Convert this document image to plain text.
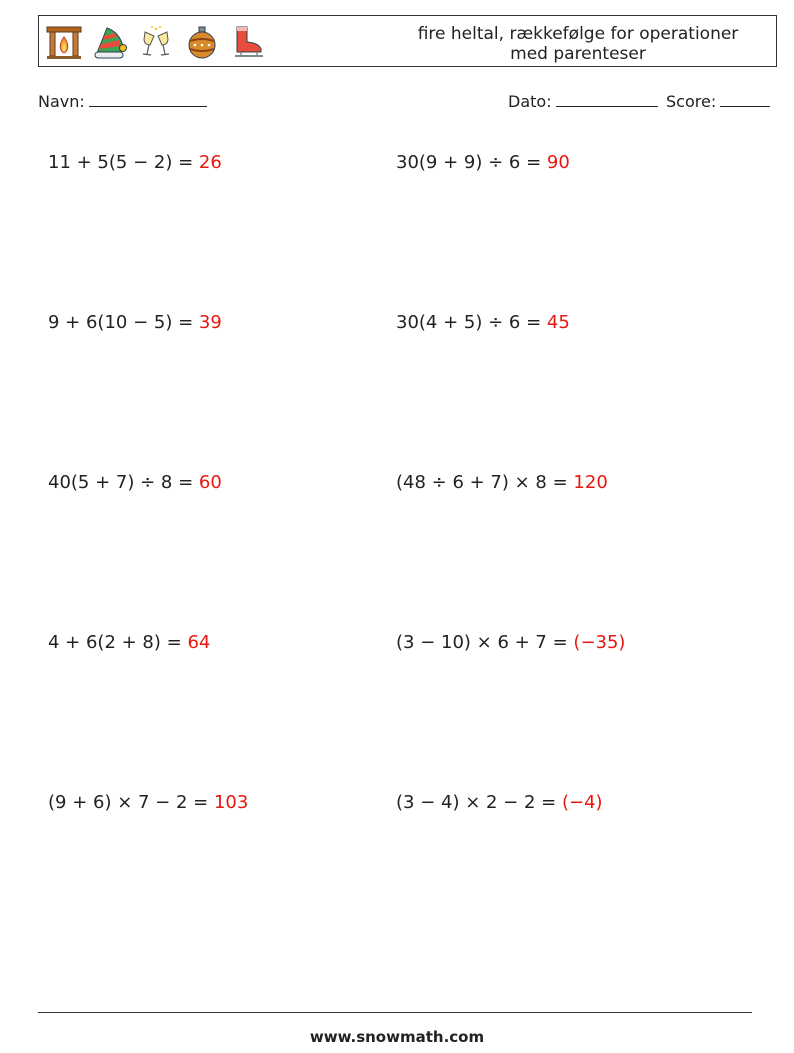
fire heltal, rækkefølge for operationer med parenteser
Navn:	Dato:	Score:
11 + 5(5 − 2) = 26	30(9 + 9) ÷ 6 = 90
9 + 6(10 − 5) = 39	30(4 + 5) ÷ 6 = 45
40(5 + 7) ÷ 8 = 60	(48 ÷ 6 + 7) × 8 = 120
4 + 6(2 + 8) = 64	(3 − 10) × 6 + 7 = (−35)
(9 + 6) × 7 − 2 = 103	(3 − 4) × 2 − 2 = (−4)
www.snowmath.com
